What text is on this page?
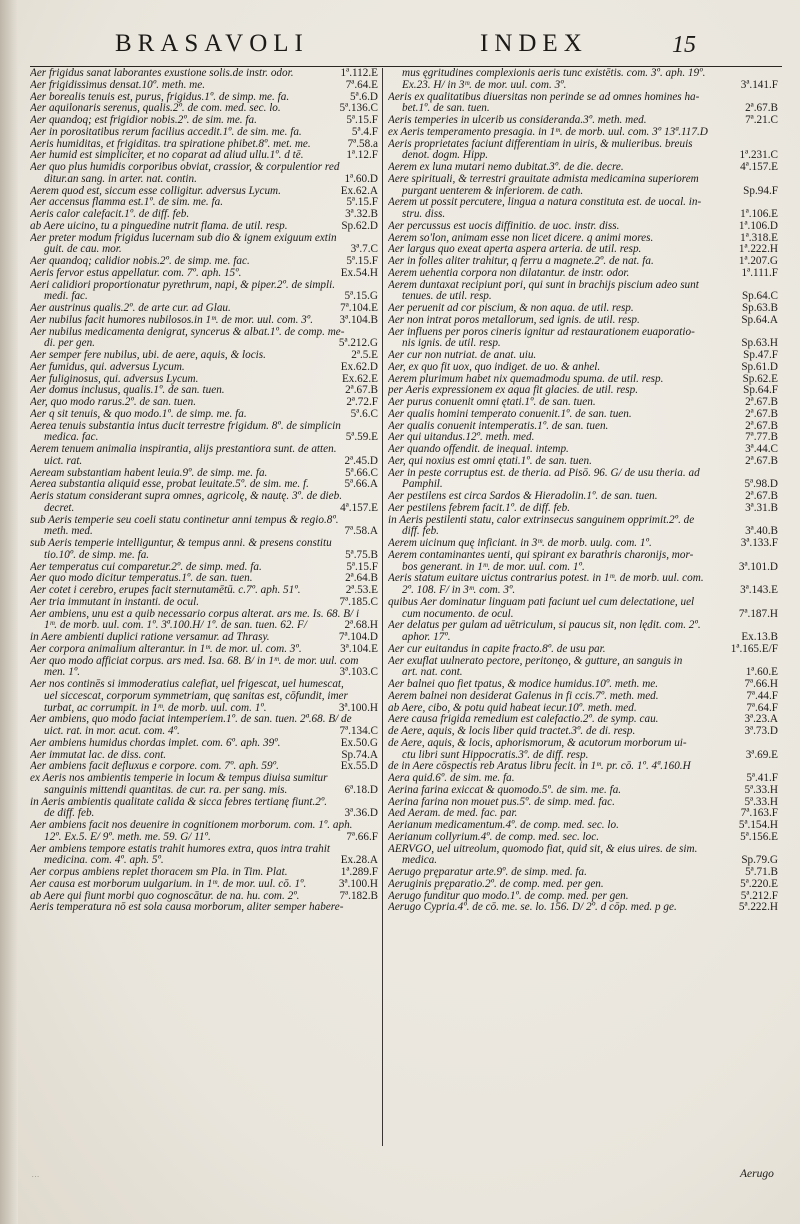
BRASAVOLI	INDEX	15
Aer frigidus sanat laborantes exustione solis.de instr. odor.	1ª.112.E
Aer frigidissimus densat.10º. meth. me.	7ª.64.E
Aer borealis tenuis est, purus, frigidus.1º. de simp. me. fa.	5ª.6.D
Aer aquilonaris serenus, qualis.2º. de com. med. sec. lo.	5ª.136.C
Aer quandoq; est frigidior nobis.2º. de sim. me. fa.	5ª.15.F
Aer in porositatibus rerum facilius accedit.1º. de sim. me. fa.	5ª.4.F
Aeris humiditas, et frigiditas. tra spiratione phibet.8º. met. me.	7ª.58.a
Aer humid est simpliciter, et no coparat ad aliud ullu.1º. d tē.	1ª.12.F
Aer quo plus humidis corporibus obviat, crassior, & corpulentior red
ditur.an sang. in arter. nat. contin.	1ª.60.D
Aerem quod est, siccum esse colligitur. adversus Lycum.	Ex.62.A
Aer accensus flamma est.1º. de sim. me. fa.	5ª.15.F
Aeris calor calefacit.1º. de diff. feb.	3ª.32.B
ab Aere uicino, tu a pinguedine nutrit flama. de util. resp.	Sp.62.D
Aer preter modum frigidus lucernam sub dio & ignem exiguum extin
guit. de cau. mor.	3ª.7.C
Aer quandoq; calidior nobis.2º. de simp. me. fac.	5ª.15.F
Aeris fervor estus appellatur. com. 7º. aph. 15º.	Ex.54.H
Aeri calidiori proportionatur pyrethrum, napi, & piper.2º. de simpli.
medi. fac.	5ª.15.G
Aer austrinus qualis.2º. de arte cur. ad Glau.	7ª.104.E
Aer nubilus facit humores nubilosos.in 1ᵐ. de mor. uul. com. 3º.	3ª.104.B
Aer nubilus medicamenta denigrat, syncerus & albat.1º. de comp. me-
di. per gen.	5ª.212.G
Aer semper fere nubilus, ubi. de aere, aquis, & locis.	2ª.5.E
Aer fumidus, qui. adversus Lycum.	Ex.62.D
Aer fuliginosus, qui. adversus Lycum.	Ex.62.E
Aer domus inclusus, qualis.1º. de san. tuen.	2ª.67.B
Aer, quo modo rarus.2º. de san. tuen.	2ª.72.F
Aer q sit tenuis, & quo modo.1º. de simp. me. fa.	5ª.6.C
Aerea tenuis substantia intus ducit terrestre frigidum. 8º. de simplicin
medica. fac.	5ª.59.E
Aerem tenuem animalia inspirantia, alijs prestantiora sunt. de atten.
uict. rat.	2ª.45.D
Aeream substantiam habent leuia.9º. de simp. me. fa.	5ª.66.C
Aerea substantia aliquid esse, probat leuitate.5º. de sim. me. f.	5ª.66.A
Aeris statum considerant supra omnes, agricolę, & nautę. 3º. de dieb.
decret.	4ª.157.E
sub Aeris temperie seu coeli statu continetur anni tempus & regio.8º.
meth. med.	7ª.58.A
sub Aeris temperie intelliguntur, & tempus anni. & presens constitu
tio.10º. de simp. me. fa.	5ª.75.B
Aer temperatus cui comparetur.2º. de simp. med. fa.	5ª.15.F
Aer quo modo dicitur temperatus.1º. de san. tuen.	2ª.64.B
Aer cotet i cerebro, erupes facit sternutamētū. c.7º. aph. 51º.	2ª.53.E
Aer tria immutant in instanti. de ocul.	7ª.185.C
Aer ambiens, unu est a quib necessario corpus alterat. ars me. Is. 68. B/ i
1ᵐ. de morb. uul. com. 1º. 3ª.100.H/ 1º. de san. tuen. 62. F/	2ª.68.H
in Aere ambienti duplici ratione versamur. ad Thrasy.	7ª.104.D
Aer corpora animalium alterantur. in 1ᵐ. de mor. ul. com. 3º.	3ª.104.E
Aer quo modo afficiat corpus. ars med. Isa. 68. B/ in 1ᵐ. de mor. uul. com
men. 1º.	3ª.103.C
Aer nos continēs si immoderatius calefiat, uel frigescat, uel humescat,
uel siccescat, corporum symmetriam, quę sanitas est, cōfundit, imer
turbat, ac corrumpit. in 1ᵐ. de morb. uul. com. 1º.	3ª.100.H
Aer ambiens, quo modo faciat intemperiem.1º. de san. tuen. 2ª.68. B/ de
uict. rat. in mor. acut. com. 4º.	7ª.134.C
Aer ambiens humidus chordas implet. com. 6º. aph. 39º.	Ex.50.G
Aer immutat lac. de diss. cont.	Sp.74.A
Aer ambiens facit defluxus e corpore. com. 7º. aph. 59º.	Ex.55.D
ex Aeris nos ambientis temperie in locum & tempus diuisa sumitur
sanguinis mittendi quantitas. de cur. ra. per sang. mis.	6ª.18.D
in Aeris ambientis qualitate calida & sicca febres tertianę fiunt.2º.
de diff. feb.	3ª.36.D
Aer ambiens facit nos deuenire in cognitionem morborum. com. 1º. aph.
12º. Ex.5. E/ 9º. meth. me. 59. G/ 11º.	7ª.66.F
Aer ambiens tempore estatis trahit humores extra, quos intra trahit
medicina. com. 4º. aph. 5º.	Ex.28.A
Aer corpus ambiens replet thoracem sm Pla. in Tim. Plat.	1ª.289.F
Aer causa est morborum uulgarium. in 1ᵐ. de mor. uul. cō. 1º.	3ª.100.H
ab Aere qui fiunt morbi quo cognoscātur. de na. hu. com. 2º.	7ª.182.B
Aeris temperatura nō est sola causa morborum, aliter semper habere-
mus ęgritudines complexionis aeris tunc existētis. com. 3º. aph. 19º.
Ex.23. H/ in 3ᵐ. de mor. uul. com. 3º.	3ª.141.F
Aeris ex qualitatibus diuersitas non perinde se ad omnes homines ha-
bet.1º. de san. tuen.	2ª.67.B
Aeris temperies in ulcerib us consideranda.3º. meth. med.	7ª.21.C
ex Aeris temperamento presagia. in 1ᵐ. de morb. uul. com. 3º 13ª.117.D
Aeris proprietates faciunt differentiam in uiris, & mulieribus. breuis
denot. dogm. Hipp.	1ª.231.C
Aerem ex luna mutari nemo dubitat.3º. de die. decre.	4ª.157.E
Aere spirituali, & terrestri grauitate admista medicamina superiorem
purgant uenterem & inferiorem. de cath.	Sp.94.F
Aerem ut possit percutere, lingua a natura constituta est. de uocal. in-
stru. diss.	1ª.106.E
Aer percussus est uocis diffinitio. de uoc. instr. diss.	1ª.106.D
Aerem so'lon, animam esse non licet dicere. q animi mores.	1ª.318.E
Aer largus quo exeat aperta aspera arteria. de util. resp.	1ª.222.H
Aer in folles aliter trahitur, q ferru a magnete.2º. de nat. fa.	1ª.207.G
Aerem uehentia corpora non dilatantur. de instr. odor.	1ª.111.F
Aerem duntaxat recipiunt pori, qui sunt in brachijs piscium adeo sunt
tenues. de util. resp.	Sp.64.C
Aer peruenit ad cor piscium, & non aqua. de util. resp.	Sp.63.B
Aer non intrat poros metallorum, sed ignis. de util. resp.	Sp.64.A
Aer influens per poros cineris ignitur ad restaurationem euaporatio-
nis ignis. de util. resp.	Sp.63.H
Aer cur non nutriat. de anat. uiu.	Sp.47.F
Aer, ex quo fit uox, quo indiget. de uo. & anhel.	Sp.61.D
Aerem plurimum habet nix quemadmodu spuma. de util. resp.	Sp.62.E
per Aeris expressionem ex aqua fit glacies. de util. resp.	Sp.64.F
Aer purus conuenit omni ętati.1º. de san. tuen.	2ª.67.B
Aer qualis homini temperato conuenit.1º. de san. tuen.	2ª.67.B
Aer qualis conuenit intemperatis.1º. de san. tuen.	2ª.67.B
Aer qui uitandus.12º. meth. med.	7ª.77.B
Aer quando offendit. de inequal. intemp.	3ª.44.C
Aer, qui noxius est omni ętati.1º. de san. tuen.	2ª.67.B
Aer in peste corruptus est. de theria. ad Pisō. 96. G/ de usu theria. ad
Pamphil.	5ª.98.D
Aer pestilens est circa Sardos & Hieradolin.1º. de san. tuen.	2ª.67.B
Aer pestilens febrem facit.1º. de diff. feb.	3ª.31.B
in Aeris pestilenti statu, calor extrinsecus sanguinem opprimit.2º. de
diff. feb.	3ª.40.B
Aerem uicinum quę inficiant. in 3ᵐ. de morb. uulg. com. 1º.	3ª.133.F
Aerem contaminantes uenti, qui spirant ex barathris charonijs, mor-
bos generant. in 1ᵐ. de mor. uul. com. 1º.	3ª.101.D
Aeris statum euitare uictus contrarius potest. in 1ᵐ. de morb. uul. com.
2º. 108. F/ in 3ᵐ. com. 3º.	3ª.143.E
quibus Aer dominatur linguam pati faciunt uel cum delectatione, uel
cum nocumento. de ocul.	7ª.187.H
Aer delatus per gulam ad uētriculum, si paucus sit, non lędit. com. 2º.
aphor. 17º.	Ex.13.B
Aer cur euitandus in capite fracto.8º. de usu par.	1ª.165.E/F
Aer exuflat uulnerato pectore, peritonęo, & gutture, an sanguis in
art. nat. cont.	1ª.60.E
Aer balnei quo fiet tpatus, & modice humidus.10º. meth. me.	7ª.66.H
Aerem balnei non desiderat Galenus in fi ccis.7º. meth. med.	7ª.44.F
ab Aere, cibo, & potu quid habeat iecur.10º. meth. med.	7ª.64.F
Aere causa frigida remedium est calefactio.2º. de symp. cau.	3ª.23.A
de Aere, aquis, & locis liber quid tractet.3º. de di. resp.	3ª.73.D
de Aere, aquis, & locis, aphorismorum, & acutorum morborum ui-
ctu libri sunt Hippocratis.3º. de diff. resp.	3ª.69.E
de in Aere cōspectis reb Aratus libru fecit. in 1ᵐ. pr. cō. 1º. 4ª.160.H
Aera quid.6º. de sim. me. fa.	5ª.41.F
Aerina farina exiccat & quomodo.5º. de sim. me. fa.	5ª.33.H
Aerina farina non mouet pus.5º. de simp. med. fac.	5ª.33.H
Aed Aeram. de med. fac. par.	7ª.163.F
Aerianum medicamentum.4º. de comp. med. sec. lo.	5ª.154.H
Aerianum collyrium.4º. de comp. med. sec. loc.	5ª.156.E
AERVGO, uel uitreolum, quomodo fiat, quid sit, & eius uires. de sim.
medica.	Sp.79.G
Aerugo pręparatur arte.9º. de simp. med. fa.	5ª.71.B
Aeruginis pręparatio.2º. de comp. med. per gen.	5ª.220.E
Aerugo funditur quo modo.1º. de comp. med. per gen.	5ª.212.F
Aerugo Cypria.4º. de cō. me. se. lo. 156. D/ 2º. d cōp. med. p ge.	5ª.222.H
Aerugo
…
